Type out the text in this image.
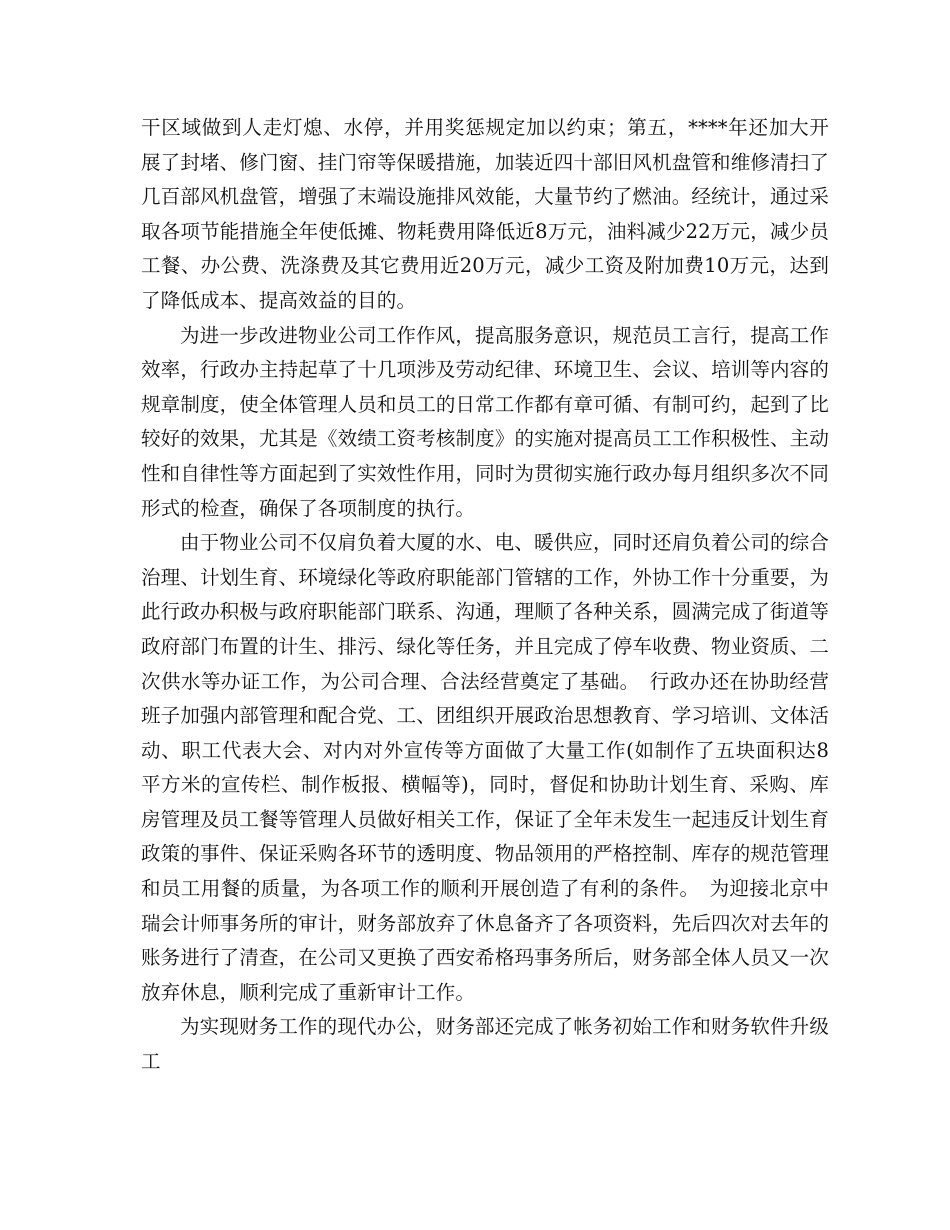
干区域做到人走灯熄、水停，并用奖惩规定加以约束；第五，****年还加大开展了封堵、修门窗、挂门帘等保暖措施，加装近四十部旧风机盘管和维修清扫了几百部风机盘管，增强了末端设施排风效能，大量节约了燃油。经统计，通过采取各项节能措施全年使低摊、物耗费用降低近8万元，油料减少22万元，减少员工餐、办公费、洗涤费及其它费用近20万元，减少工资及附加费10万元，达到了降低成本、提高效益的目的。

为进一步改进物业公司工作作风，提高服务意识，规范员工言行，提高工作效率，行政办主持起草了十几项涉及劳动纪律、环境卫生、会议、培训等内容的规章制度，使全体管理人员和员工的日常工作都有章可循、有制可约，起到了比较好的效果，尤其是《效绩工资考核制度》的实施对提高员工工作积极性、主动性和自律性等方面起到了实效性作用，同时为贯彻实施行政办每月组织多次不同形式的检查，确保了各项制度的执行。

由于物业公司不仅肩负着大厦的水、电、暖供应，同时还肩负着公司的综合治理、计划生育、环境绿化等政府职能部门管辖的工作，外协工作十分重要，为此行政办积极与政府职能部门联系、沟通，理顺了各种关系，圆满完成了街道等政府部门布置的计生、排污、绿化等任务，并且完成了停车收费、物业资质、二次供水等办证工作，为公司合理、合法经营奠定了基础。　行政办还在协助经营班子加强内部管理和配合党、工、团组织开展政治思想教育、学习培训、文体活动、职工代表大会、对内对外宣传等方面做了大量工作(如制作了五块面积达8平方米的宣传栏、制作板报、横幅等)，同时，督促和协助计划生育、采购、库房管理及员工餐等管理人员做好相关工作，保证了全年未发生一起违反计划生育政策的事件、保证采购各环节的透明度、物品领用的严格控制、库存的规范管理和员工用餐的质量，为各项工作的顺利开展创造了有利的条件。　为迎接北京中瑞会计师事务所的审计，财务部放弃了休息备齐了各项资料，先后四次对去年的账务进行了清查，在公司又更换了西安希格玛事务所后，财务部全体人员又一次放弃休息，顺利完成了重新审计工作。

为实现财务工作的现代办公，财务部还完成了帐务初始工作和财务软件升级工
